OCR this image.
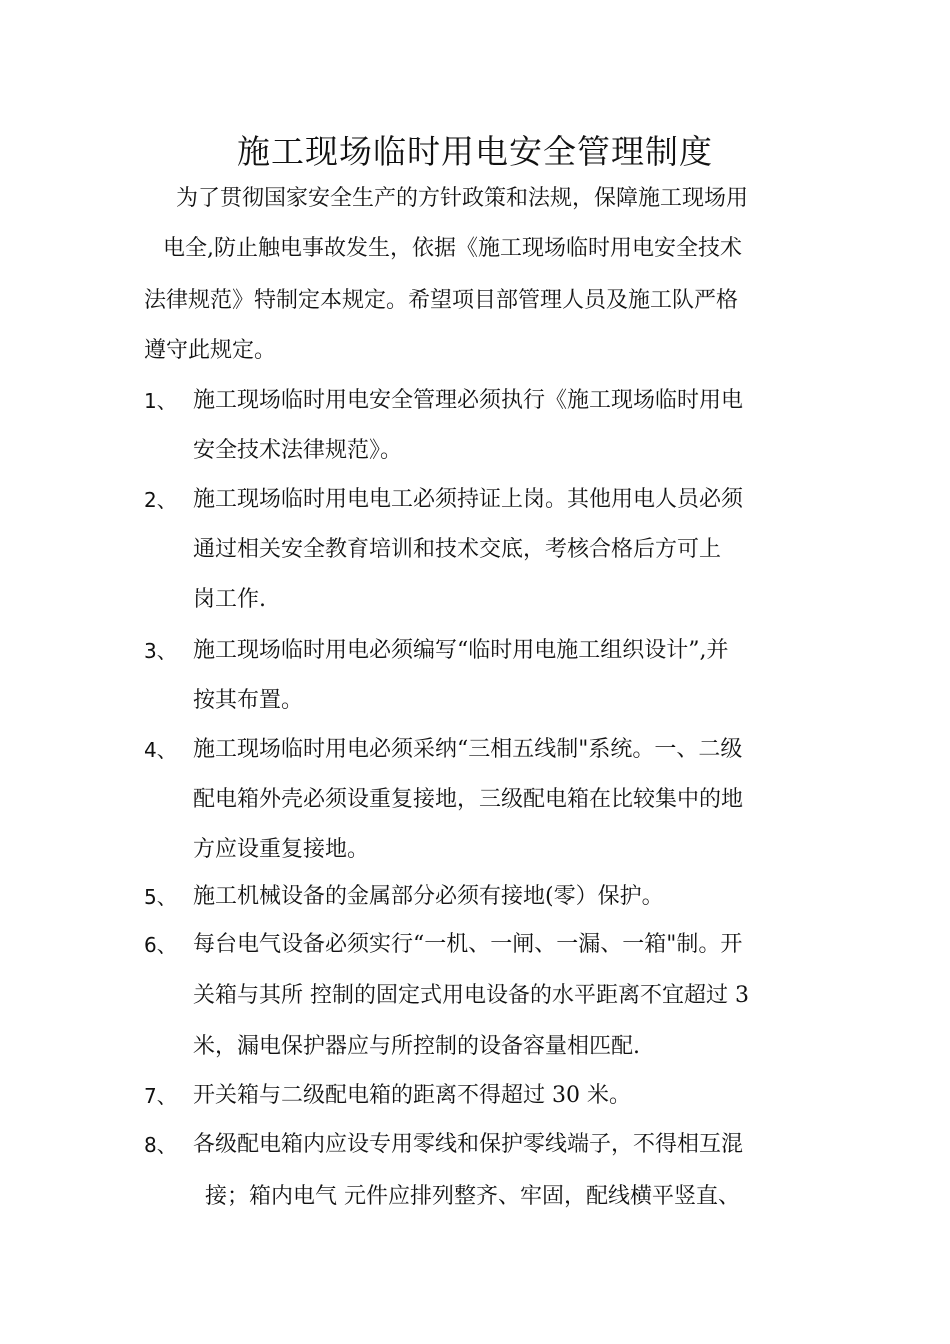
施工现场临时用电安全管理制度
为了贯彻国家安全生产的方针政策和法规，保障施工现场用
电全,防止触电事故发生，依据《施工现场临时用电安全技术
法律规范》特制定本规定。希望项目部管理人员及施工队严格
遵守此规定。
1、 施工现场临时用电安全管理必须执行《施工现场临时用电
安全技术法律规范》。
2、 施工现场临时用电电工必须持证上岗。其他用电人员必须
通过相关安全教育培训和技术交底，考核合格后方可上
岗工作.
3、 施工现场临时用电必须编写“临时用电施工组织设计”,并
按其布置。
4、 施工现场临时用电必须采纳“三相五线制"系统。一、二级
配电箱外壳必须设重复接地，三级配电箱在比较集中的地
方应设重复接地。
5、 施工机械设备的金属部分必须有接地(零）保护。
6、 每台电气设备必须实行“一机、一闸、一漏、一箱"制。开
关箱与其所 控制的固定式用电设备的水平距离不宜超过 3
米，漏电保护器应与所控制的设备容量相匹配.
7、 开关箱与二级配电箱的距离不得超过 30 米。
8、 各级配电箱内应设专用零线和保护零线端子，不得相互混
接；箱内电气 元件应排列整齐、牢固，配线横平竖直、
